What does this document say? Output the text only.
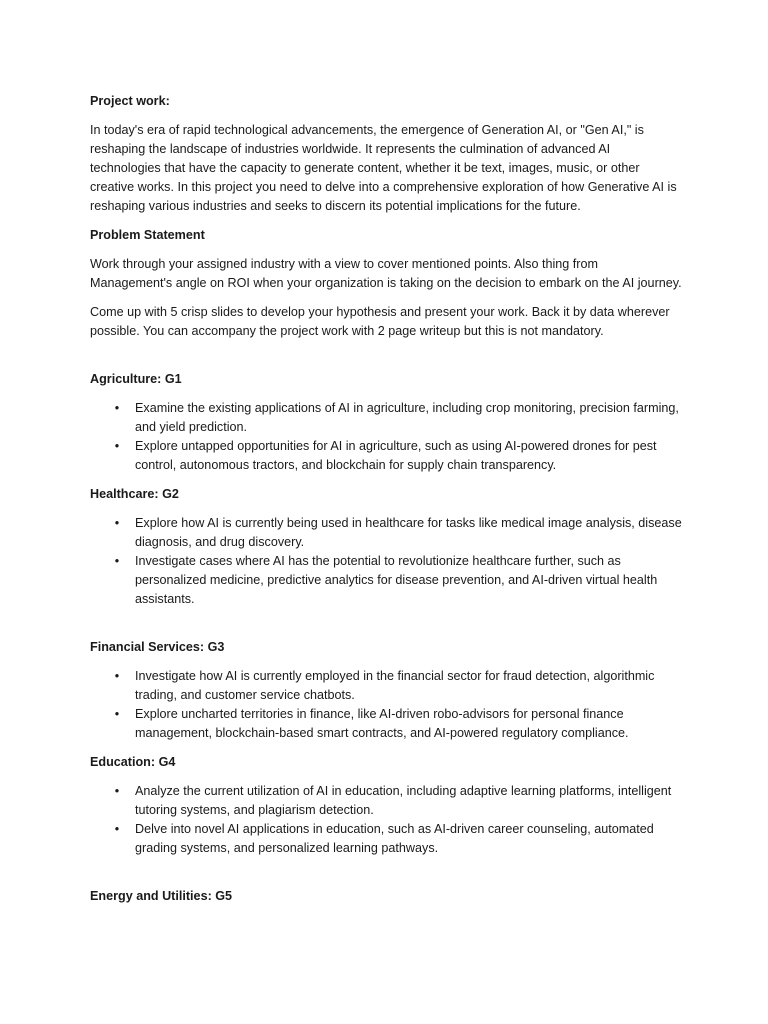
Project work:

In today's era of rapid technological advancements, the emergence of Generation AI, or "Gen AI," is reshaping the landscape of industries worldwide. It represents the culmination of advanced AI technologies that have the capacity to generate content, whether it be text, images, music, or other creative works. In this project you need to delve into a comprehensive exploration of how Generative AI is reshaping various industries and seeks to discern its potential implications for the future.

Problem Statement

Work through your assigned industry with a view to cover mentioned points. Also thing from Management's angle on ROI when your organization is taking on the decision to embark on the AI journey.

Come up with 5 crisp slides to develop your hypothesis and present your work. Back it by data wherever possible. You can accompany the project work with 2 page writeup but this is not mandatory.

Agriculture: G1

• Examine the existing applications of AI in agriculture, including crop monitoring, precision farming, and yield prediction.
• Explore untapped opportunities for AI in agriculture, such as using AI-powered drones for pest control, autonomous tractors, and blockchain for supply chain transparency.

Healthcare: G2

• Explore how AI is currently being used in healthcare for tasks like medical image analysis, disease diagnosis, and drug discovery.
• Investigate cases where AI has the potential to revolutionize healthcare further, such as personalized medicine, predictive analytics for disease prevention, and AI-driven virtual health assistants.

Financial Services: G3

• Investigate how AI is currently employed in the financial sector for fraud detection, algorithmic trading, and customer service chatbots.
• Explore uncharted territories in finance, like AI-driven robo-advisors for personal finance management, blockchain-based smart contracts, and AI-powered regulatory compliance.

Education: G4

• Analyze the current utilization of AI in education, including adaptive learning platforms, intelligent tutoring systems, and plagiarism detection.
• Delve into novel AI applications in education, such as AI-driven career counseling, automated grading systems, and personalized learning pathways.

Energy and Utilities: G5
